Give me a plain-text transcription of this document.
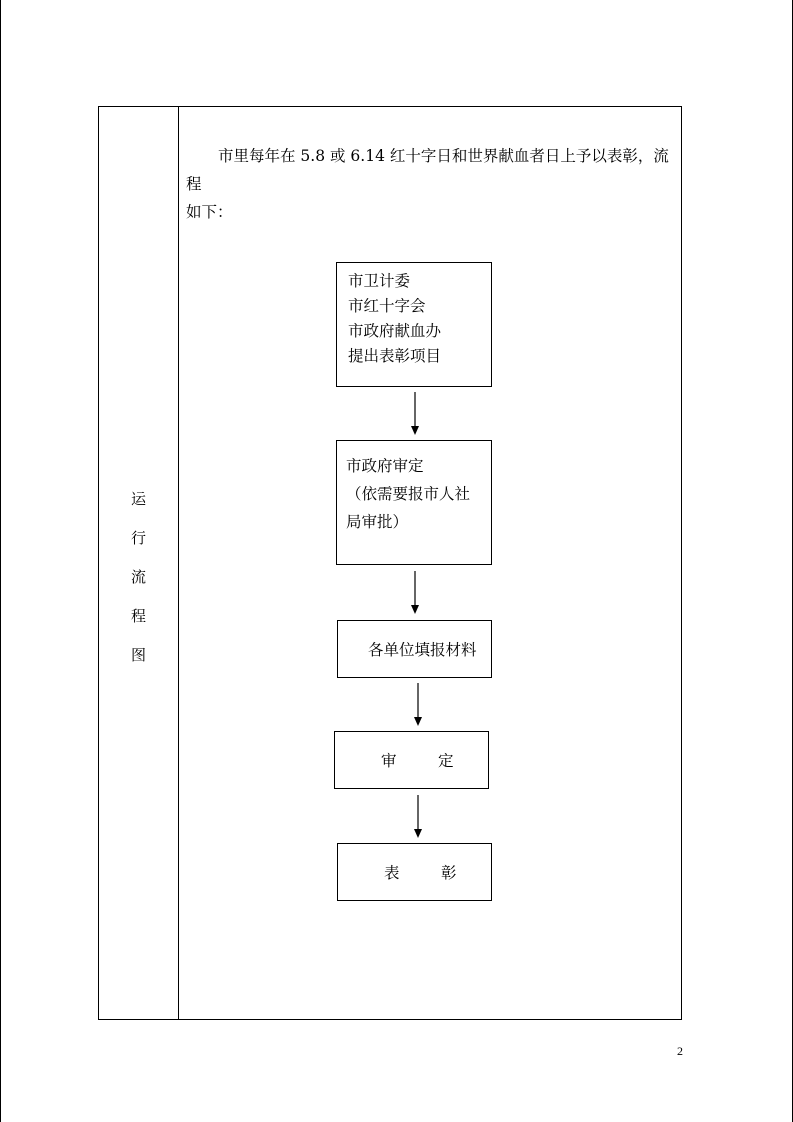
运
行
流
程
图
市里每年在 5.8 或 6.14 红十字日和世界献血者日上予以表彰，流程
如下：
市卫计委
市红十字会
市政府献血办
提出表彰项目
市政府审定
（依需要报市人社
局审批）
各单位填报材料
审	定
表	彰
2
